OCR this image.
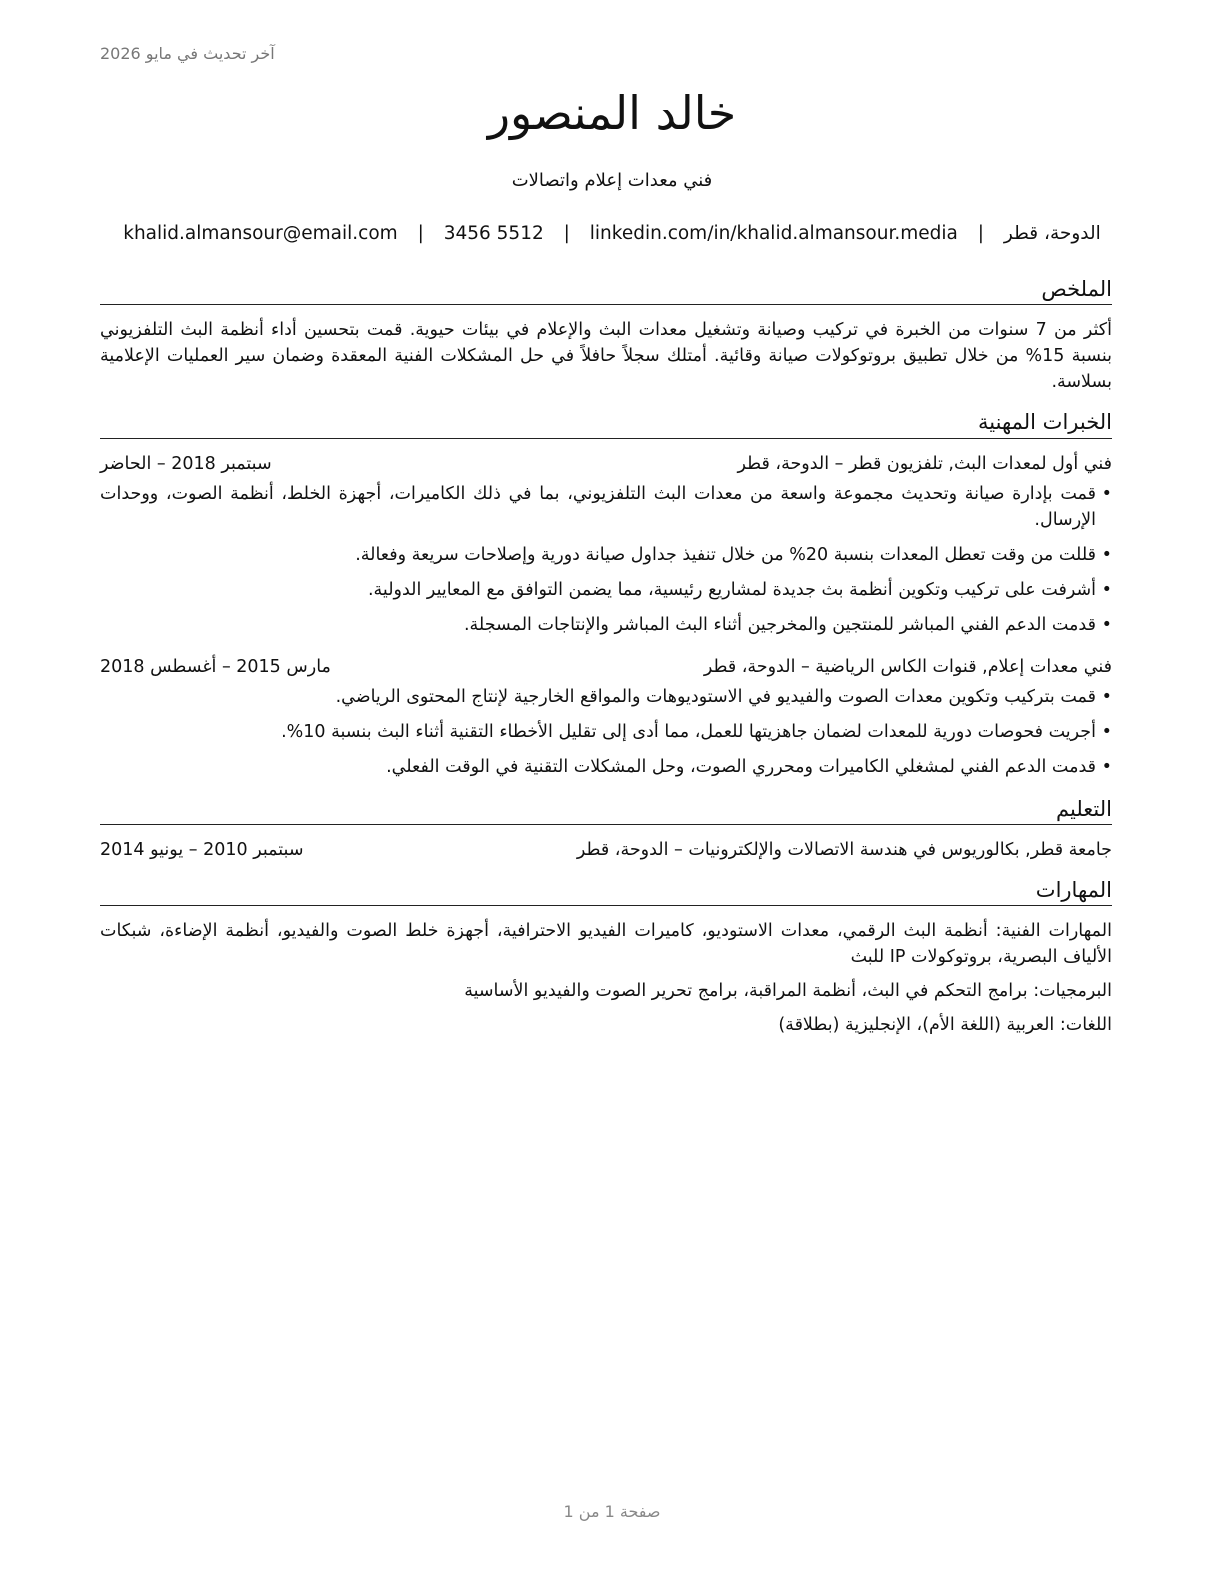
آخر تحديث في مايو 2026
خالد المنصور
فني معدات إعلام واتصالات
الدوحة، قطر | khalid.almansour@email.com | 3456 5512 | linkedin.com/in/khalid.almansour.media
الملخص
أكثر من 7 سنوات من الخبرة في تركيب وصيانة وتشغيل معدات البث والإعلام في بيئات حيوية. قمت بتحسين أداء أنظمة البث التلفزيوني بنسبة 15% من خلال تطبيق بروتوكولات صيانة وقائية. أمتلك سجلاً حافلاً في حل المشكلات الفنية المعقدة وضمان سير العمليات الإعلامية بسلاسة.
الخبرات المهنية
فني أول لمعدات البث, تلفزيون قطر – الدوحة، قطر
سبتمبر 2018 – الحاضر
• قمت بإدارة صيانة وتحديث مجموعة واسعة من معدات البث التلفزيوني، بما في ذلك الكاميرات، أجهزة الخلط، أنظمة الصوت، ووحدات الإرسال.
• قللت من وقت تعطل المعدات بنسبة 20% من خلال تنفيذ جداول صيانة دورية وإصلاحات سريعة وفعالة.
• أشرفت على تركيب وتكوين أنظمة بث جديدة لمشاريع رئيسية، مما يضمن التوافق مع المعايير الدولية.
• قدمت الدعم الفني المباشر للمنتجين والمخرجين أثناء البث المباشر والإنتاجات المسجلة.
فني معدات إعلام, قنوات الكاس الرياضية – الدوحة، قطر
مارس 2015 – أغسطس 2018
• قمت بتركيب وتكوين معدات الصوت والفيديو في الاستوديوهات والمواقع الخارجية لإنتاج المحتوى الرياضي.
• أجريت فحوصات دورية للمعدات لضمان جاهزيتها للعمل، مما أدى إلى تقليل الأخطاء التقنية أثناء البث بنسبة 10%.
• قدمت الدعم الفني لمشغلي الكاميرات ومحرري الصوت، وحل المشكلات التقنية في الوقت الفعلي.
التعليم
جامعة قطر, بكالوريوس في هندسة الاتصالات والإلكترونيات – الدوحة، قطر
سبتمبر 2010 – يونيو 2014
المهارات
المهارات الفنية: أنظمة البث الرقمي، معدات الاستوديو، كاميرات الفيديو الاحترافية، أجهزة خلط الصوت والفيديو، أنظمة الإضاءة، شبكات الألياف البصرية، بروتوكولات IP للبث
البرمجيات: برامج التحكم في البث، أنظمة المراقبة، برامج تحرير الصوت والفيديو الأساسية
اللغات: العربية (اللغة الأم)، الإنجليزية (بطلاقة)
صفحة 1 من 1
